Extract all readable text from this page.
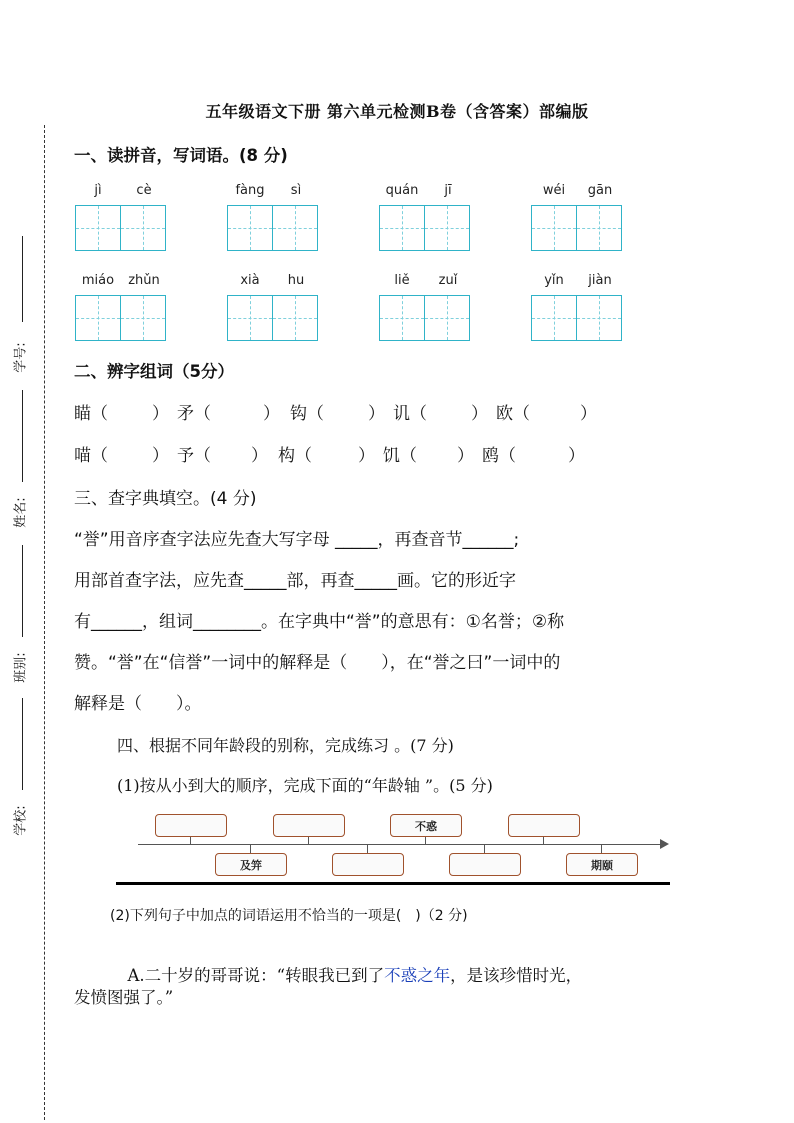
学号:
姓名:
班别:
学校:
五年级语文下册 第六单元检测B卷（含答案）部编版
一、读拼音，写词语。(8 分)
jì	cè	fàng	sì	quán	jī	wéi	gān
miáo	zhǔn	xià	hu	liě	zuǐ	yǐn	jiàn
二、辨字组词（5分）
瞄（	） 矛（	） 钩（	） 讥（	） 欧（	）
喵（	） 予（ ） 构（	） 饥（ ） 鸥（	）
三、查字典填空。(4 分)
“誉”用音序查字法应先查大写字母 _____，再查音节______;
用部首查字法，应先查_____部，再查_____画。它的形近字
有______，组词________。在字典中“誉”的意思有：①名誉；②称
赞。“誉”在“信誉”一词中的解释是（　　），在“誉之曰”一词中的
解释是（　　）。
四、根据不同年龄段的别称，完成练习 。(7 分)
(1)按从小到大的顺序，完成下面的“年龄轴 ”。(5 分)
不惑
及笄	期颐
(2)下列句子中加点的词语运用不恰当的一项是(　)（2 分)

A.二十岁的哥哥说：“转眼我已到了不惑之年，是该珍惜时光，

发愤图强了。”
